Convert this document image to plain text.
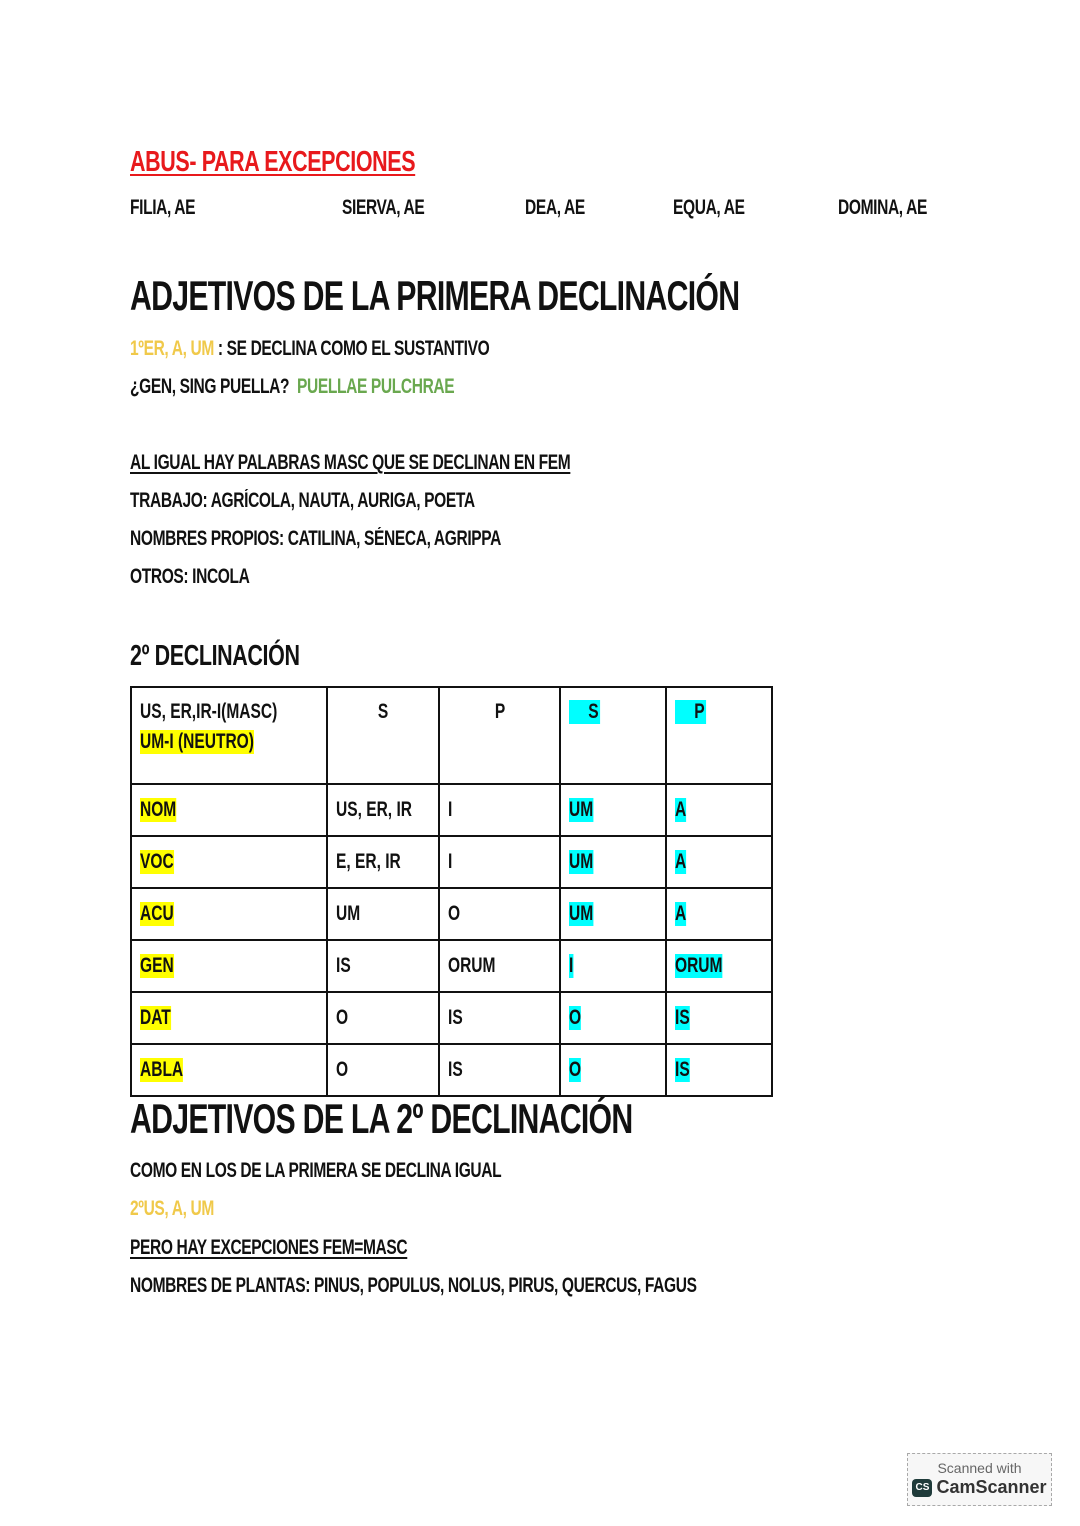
ABUS- PARA EXCEPCIONES
FILIA, AE	SIERVA, AE	DEA, AE	EQUA, AE	DOMINA, AE
ADJETIVOS DE LA PRIMERA DECLINACIÓN
1ºER, A, UM : SE DECLINA COMO EL SUSTANTIVO
¿GEN, SING PUELLA? PUELLAE PULCHRAE
AL IGUAL HAY PALABRAS MASC QUE SE DECLINAN EN FEM
TRABAJO: AGRÍCOLA, NAUTA, AURIGA, POETA
NOMBRES PROPIOS: CATILINA, SÉNECA, AGRIPPA
OTROS: INCOLA
2º DECLINACIÓN
US, ER,IR-I(MASC)
UM-I (NEUTRO)	S	P	S	P
NOM	US, ER, IR	I	UM	A
VOC	E, ER, IR	I	UM	A
ACU	UM	O	UM	A
GEN	IS	ORUM	I	ORUM
DAT	O	IS	O	IS
ABLA	O	IS	O	IS
ADJETIVOS DE LA 2º DECLINACIÓN
COMO EN LOS DE LA PRIMERA SE DECLINA IGUAL
2ºUS, A, UM
PERO HAY EXCEPCIONES FEM=MASC
NOMBRES DE PLANTAS: PINUS, POPULUS, NOLUS, PIRUS, QUERCUS, FAGUS
Scanned with
CS CamScanner
